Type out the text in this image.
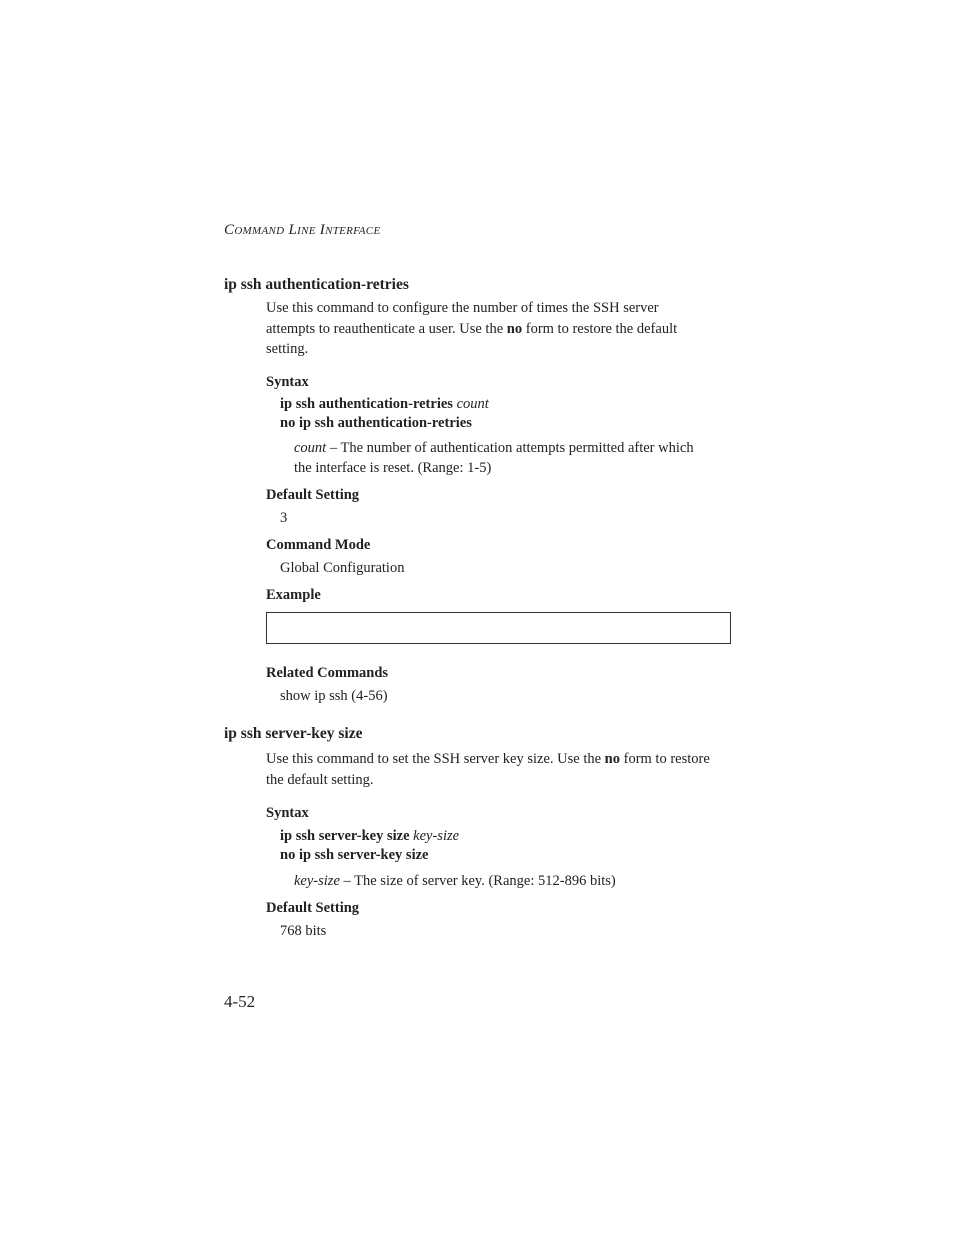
COMMAND LINE INTERFACE
ip ssh authentication-retries
Use this command to configure the number of times the SSH server
attempts to reauthenticate a user. Use the no form to restore the default
setting.
Syntax
ip ssh authentication-retries count
no ip ssh authentication-retries
count – The number of authentication attempts permitted after which
the interface is reset. (Range: 1-5)
Default Setting
3
Command Mode
Global Configuration
Example
Related Commands
show ip ssh (4-56)
ip ssh server-key size
Use this command to set the SSH server key size. Use the no form to restore
the default setting.
Syntax
ip ssh server-key size key-size
no ip ssh server-key size
key-size – The size of server key. (Range: 512-896 bits)
Default Setting
768 bits
4-52
